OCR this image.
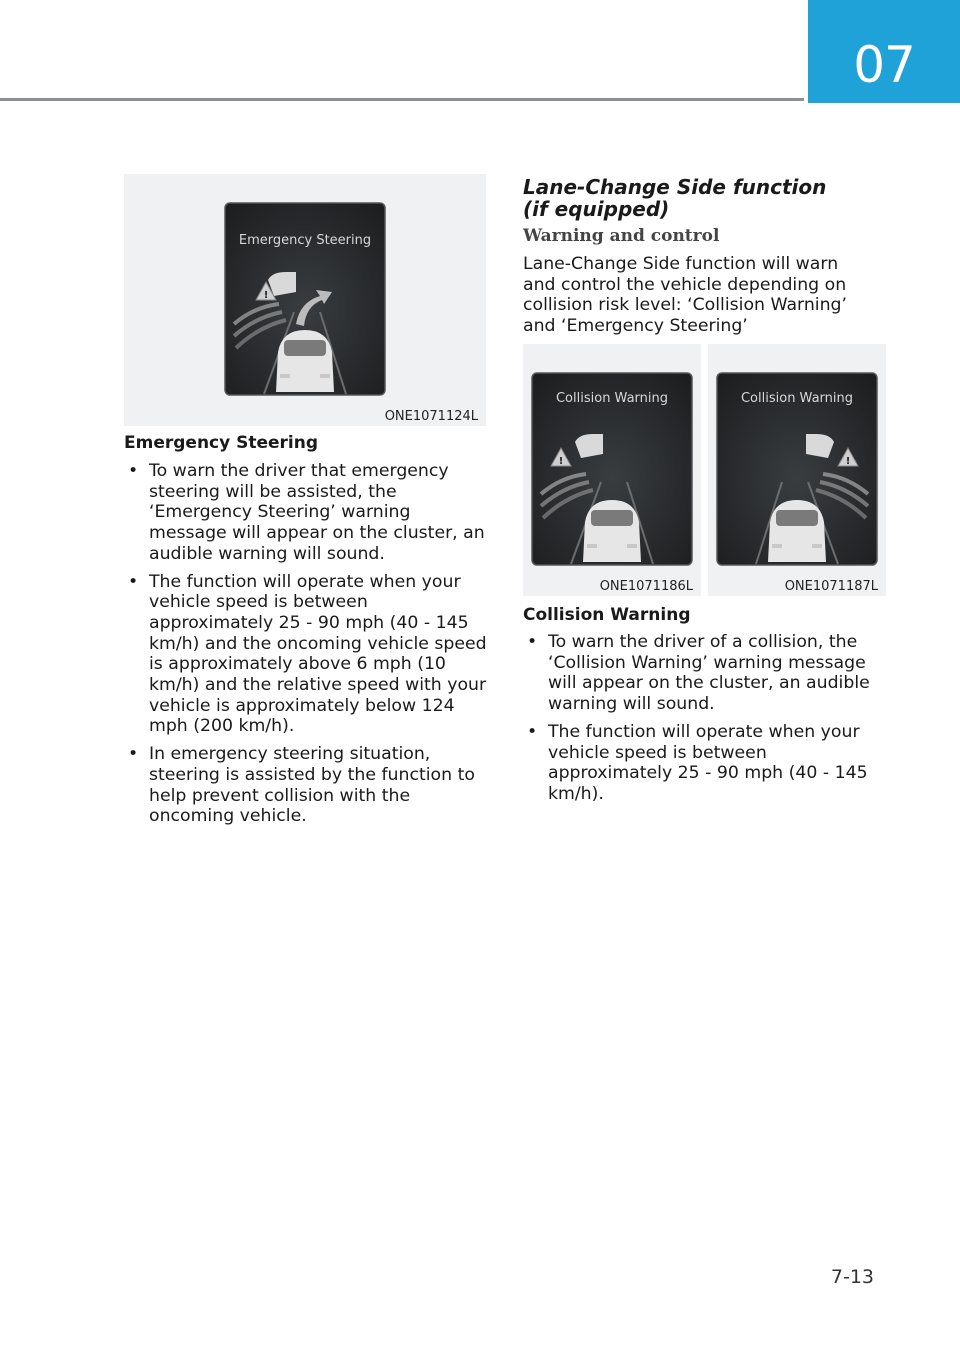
07
Emergency Steering
!
ONE1071124L
Emergency Steering
• To warn the driver that emergency steering will be assisted, the ‘Emergency Steering’ warning message will appear on the cluster, an audible warning will sound.
• The function will operate when your vehicle speed is between approximately 25 - 90 mph (40 - 145 km/h) and the oncoming vehicle speed is approximately above 6 mph (10 km/h) and the relative speed with your vehicle is approximately below 124 mph (200 km/h).
• In emergency steering situation, steering is assisted by the function to help prevent collision with the oncoming vehicle.
Lane-Change Side function (if equipped)
Warning and control
Lane-Change Side function will warn and control the vehicle depending on collision risk level: ‘Collision Warning’ and ‘Emergency Steering’
Collision Warning
!
ONE1071186L
Collision Warning
!
ONE1071187L
Collision Warning
• To warn the driver of a collision, the ‘Collision Warning’ warning message will appear on the cluster, an audible warning will sound.
• The function will operate when your vehicle speed is between approximately 25 - 90 mph (40 - 145 km/h).
7-13
